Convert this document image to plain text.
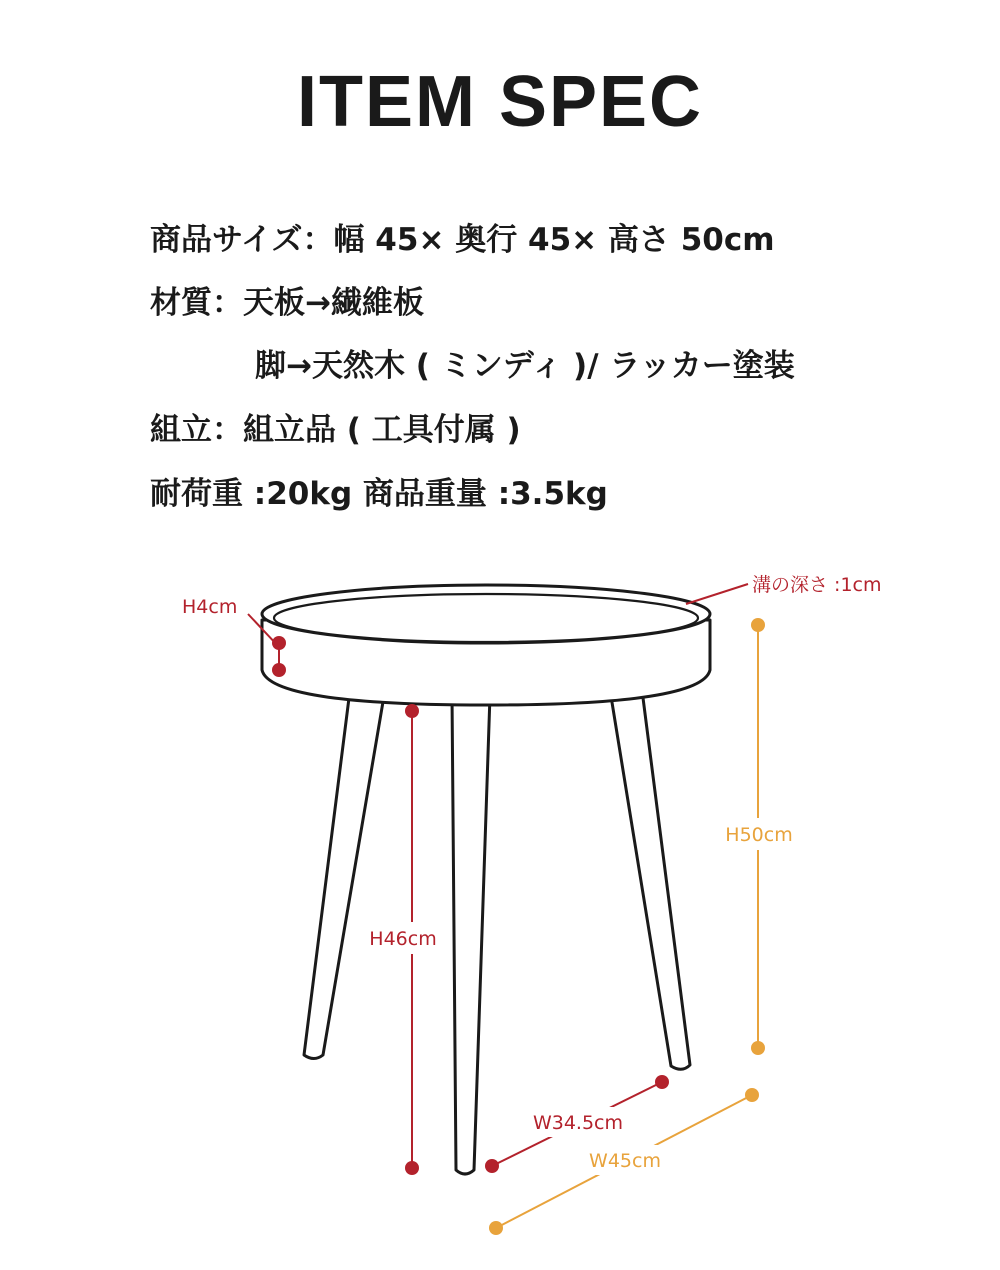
ITEM SPEC
商品サイズ：幅 45× 奥行 45× 高さ 50cm
材質：天板→繊維板
脚→天然木 ( ミンディ )/ ラッカー塗装
組立：組立品 ( 工具付属 )
耐荷重 :20kg 商品重量 :3.5kg
H4cm
溝の深さ :1cm
H50cm
H46cm
W34.5cm
W45cm
